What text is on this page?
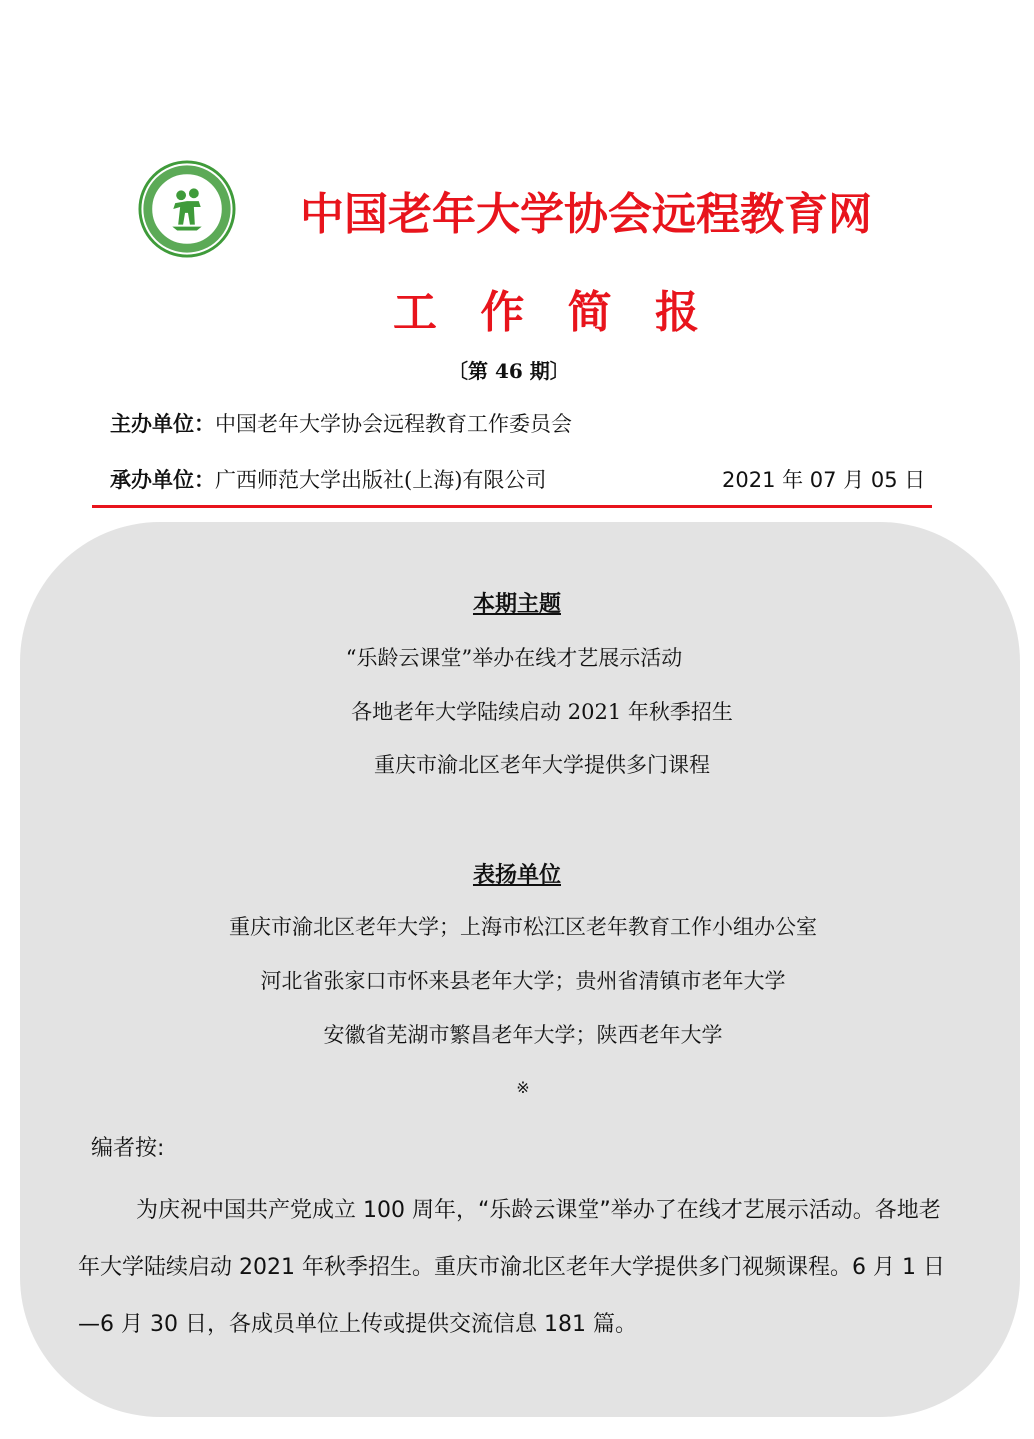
中国老年大学协会远程教育网
工 作 简 报
〔第 46 期〕
主办单位：中国老年大学协会远程教育工作委员会
承办单位：广西师范大学出版社(上海)有限公司	2021 年 07 月 05 日
本期主题
“乐龄云课堂”举办在线才艺展示活动
各地老年大学陆续启动 2021 年秋季招生
重庆市渝北区老年大学提供多门课程
表扬单位
重庆市渝北区老年大学；上海市松江区老年教育工作小组办公室
河北省张家口市怀来县老年大学；贵州省清镇市老年大学
安徽省芜湖市繁昌老年大学；陕西老年大学
※
编者按:
为庆祝中国共产党成立 100 周年，“乐龄云课堂”举办了在线才艺展示活动。各地老年大学陆续启动 2021 年秋季招生。重庆市渝北区老年大学提供多门视频课程。6 月 1 日—6 月 30 日，各成员单位上传或提供交流信息 181 篇。
